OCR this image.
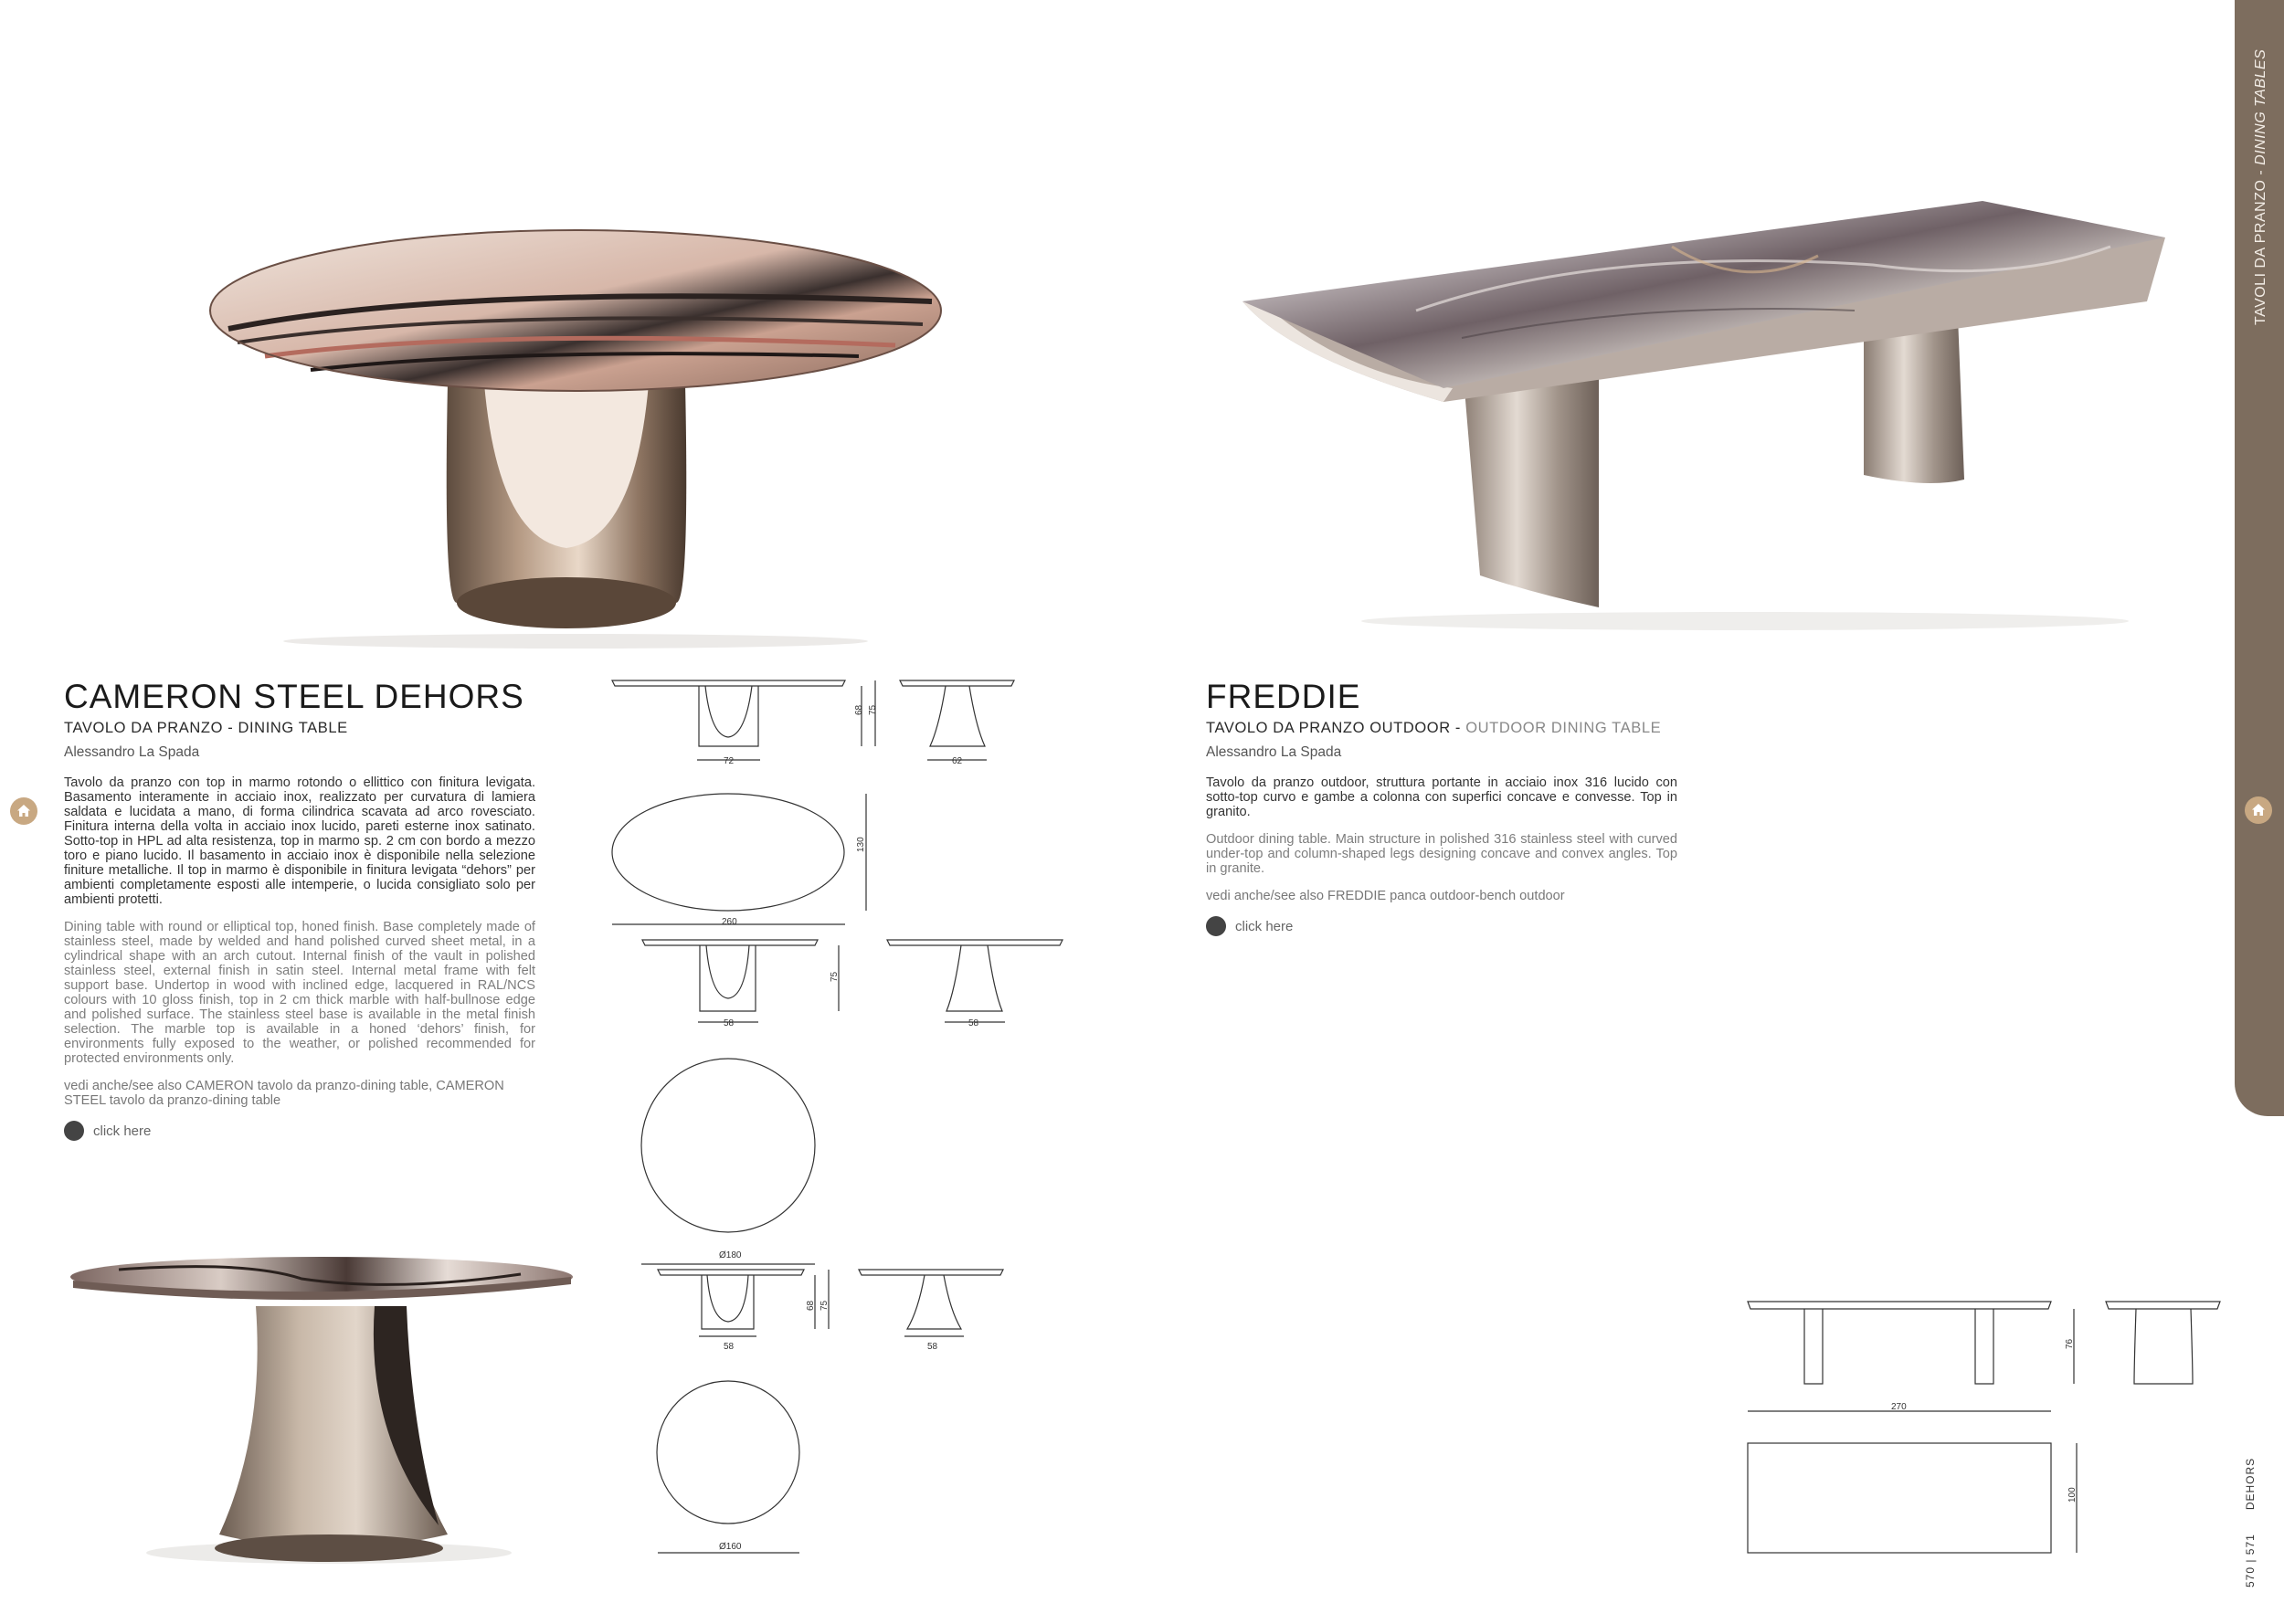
72
68 75
62
260
130
58
75
58
Ø180
58
68 75
58
Ø160
270
76
100
CAMERON STEEL DEHORS
TAVOLO DA PRANZO - DINING TABLE
Alessandro La Spada
Tavolo da pranzo con top in marmo rotondo o ellittico con finitura levigata. Basamento interamente in acciaio inox, realizzato per curvatura di lamiera saldata e lucidata a mano, di forma cilindrica scavata ad arco rovesciato. Finitura interna della volta in acciaio inox lucido, pareti esterne inox satinato. Sotto-top in HPL ad alta resistenza, top in marmo sp. 2 cm con bordo a mezzo toro e piano lucido. Il basamento in acciaio inox è disponibile nella selezione finiture metalliche. Il top in marmo è disponibile in finitura levigata “dehors” per ambienti completamente esposti alle intemperie, o lucida consigliato solo per ambienti protetti.
Dining table with round or elliptical top, honed finish. Base completely made of stainless steel, made by welded and hand polished curved sheet metal, in a cylindrical shape with an arch cutout. Internal finish of the vault in polished stainless steel, external finish in satin steel. Internal metal frame with felt support base. Undertop in wood with inclined edge, lacquered in RAL/NCS colours with 10 gloss finish, top in 2 cm thick marble with half-bullnose edge and polished surface. The stainless steel base is available in the metal finish selection. The marble top is available in a honed ‘dehors’ finish, for environments fully exposed to the weather, or polished recommended for protected environments only.
vedi anche/see also CAMERON tavolo da pranzo-dining table, CAMERON STEEL tavolo da pranzo-dining table
click here
FREDDIE
TAVOLO DA PRANZO OUTDOOR - OUTDOOR DINING TABLE
Alessandro La Spada
Tavolo da pranzo outdoor, struttura portante in acciaio inox 316 lucido con sotto-top curvo e gambe a colonna con superfici concave e convesse. Top in granito.
Outdoor dining table. Main structure in polished 316 stainless steel with curved under-top and column-shaped legs designing concave and convex angles. Top in granite.
vedi anche/see also FREDDIE panca outdoor-bench outdoor
click here
TAVOLI DA PRANZO - DINING TABLES
570 | 571DEHORS
